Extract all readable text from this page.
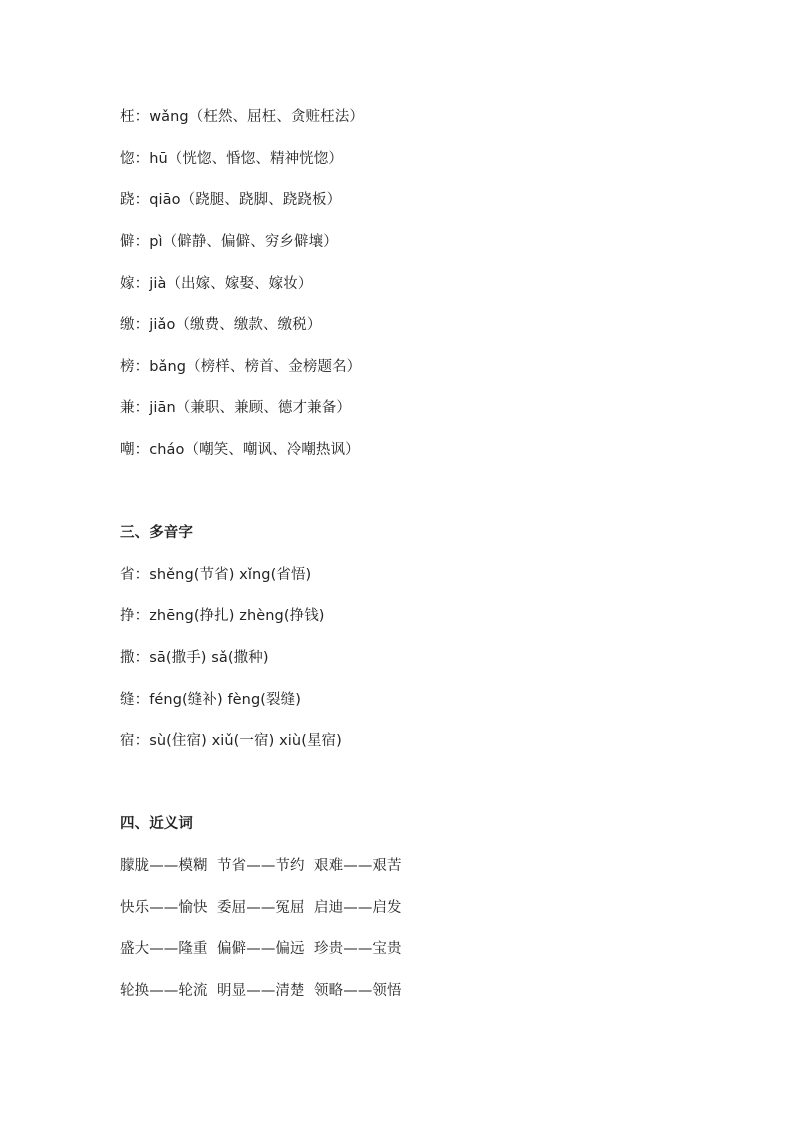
枉：wǎng（枉然、屈枉、贪赃枉法）
惚：hū（恍惚、惛惚、精神恍惚）
跷：qiāo（跷腿、跷脚、跷跷板）
僻：pì（僻静、偏僻、穷乡僻壤）
嫁：jià（出嫁、嫁娶、嫁妆）
缴：jiǎo（缴费、缴款、缴税）
榜：bǎng（榜样、榜首、金榜题名）
兼：jiān（兼职、兼顾、德才兼备）
嘲：cháo（嘲笑、嘲讽、冷嘲热讽）
三、多音字
省：shěng(节省) xǐng(省悟)
挣：zhēng(挣扎) zhèng(挣钱)
撒：sā(撒手) sǎ(撒种)
缝：féng(缝补) fèng(裂缝)
宿：sù(住宿) xiǔ(一宿) xiù(星宿)
四、近义词
朦胧——模糊  节省——节约  艰难——艰苦
快乐——愉快  委屈——冤屈  启迪——启发
盛大——隆重  偏僻——偏远  珍贵——宝贵
轮换——轮流  明显——清楚  领略——领悟
